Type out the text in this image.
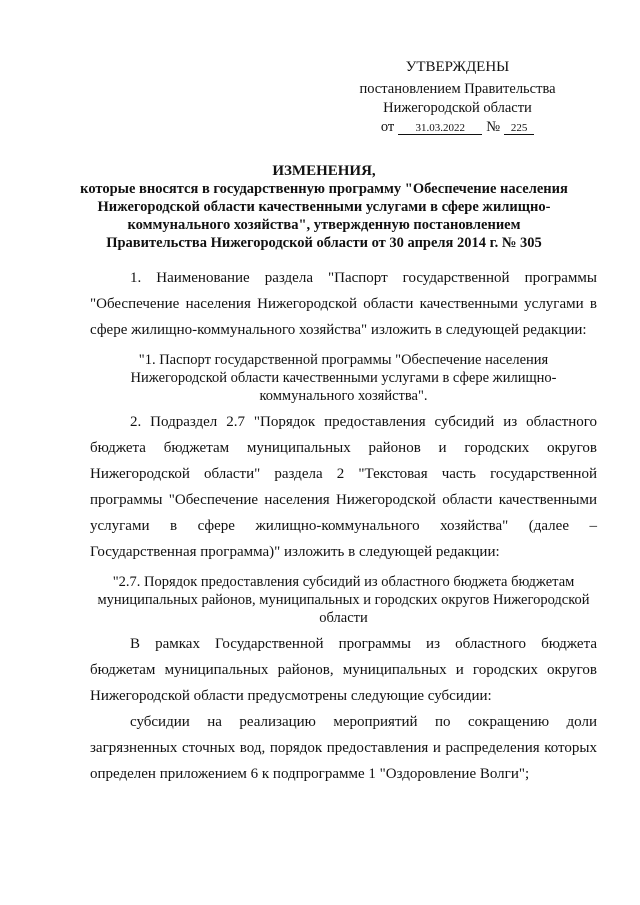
УТВЕРЖДЕНЫ
постановлением Правительства
Нижегородской области
от	31.03.2022	№ 225
ИЗМЕНЕНИЯ,
которые вносятся в государственную программу "Обеспечение населения Нижегородской области качественными услугами в сфере жилищно-коммунального хозяйства", утвержденную постановлением Правительства Нижегородской области от 30 апреля 2014 г. № 305

1. Наименование раздела "Паспорт государственной программы "Обеспечение населения Нижегородской области качественными услугами в сфере жилищно-коммунального хозяйства" изложить в следующей редакции:

"1. Паспорт государственной программы "Обеспечение населения Нижегородской области качественными услугами в сфере жилищно-коммунального хозяйства".

2. Подраздел 2.7 "Порядок предоставления субсидий из областного бюджета бюджетам муниципальных районов и городских округов Нижегородской области" раздела 2 "Текстовая часть государственной программы "Обеспечение населения Нижегородской области качественными услугами в сфере жилищно-коммунального хозяйства" (далее – Государственная программа)" изложить в следующей редакции:

"2.7. Порядок предоставления субсидий из областного бюджета бюджетам муниципальных районов, муниципальных и городских округов Нижегородской области

В рамках Государственной программы из областного бюджета бюджетам муниципальных районов, муниципальных и городских округов Нижегородской области предусмотрены следующие субсидии:

субсидии на реализацию мероприятий по сокращению доли загрязненных сточных вод, порядок предоставления и распределения которых определен приложением 6 к подпрограмме 1 "Оздоровление Волги";
